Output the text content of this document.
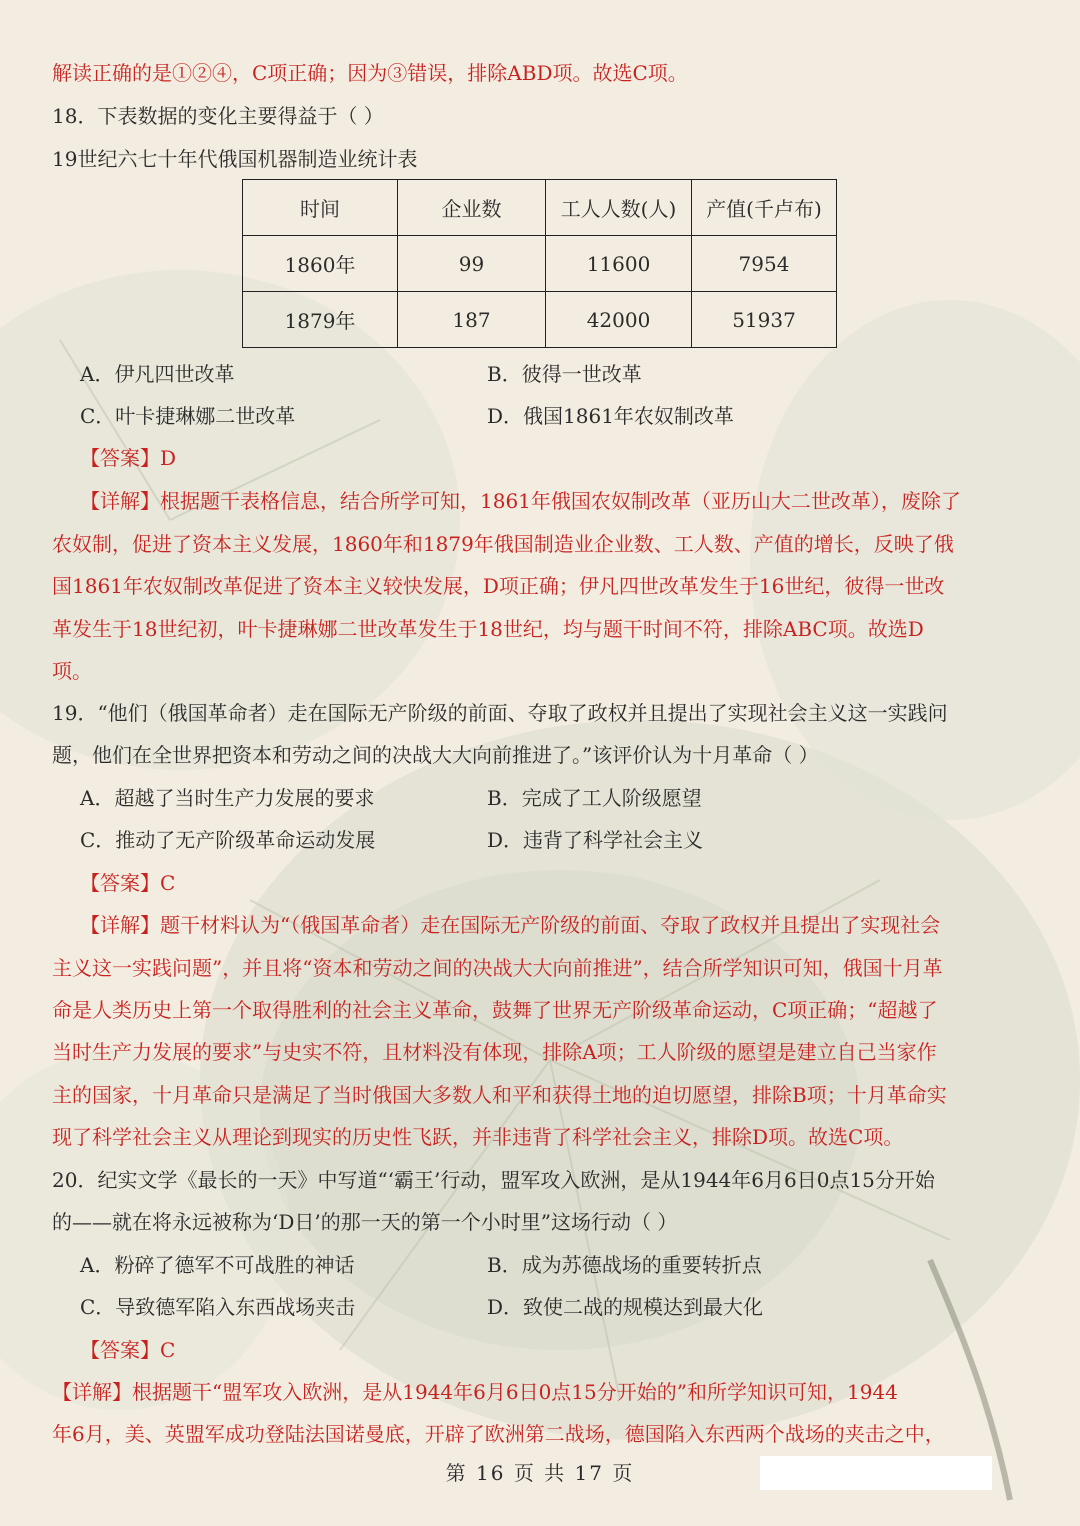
解读正确的是①②④，C项正确；因为③错误，排除ABD项。故选C项。
18．下表数据的变化主要得益于（ ）
19世纪六七十年代俄国机器制造业统计表
时间	企业数	工人人数(人)	产值(千卢布)
1860年	99	11600	7954
1879年	187	42000	51937
A．伊凡四世改革	B．彼得一世改革
C．叶卡捷琳娜二世改革	D．俄国1861年农奴制改革
【答案】D
【详解】根据题干表格信息，结合所学可知，1861年俄国农奴制改革（亚历山大二世改革），废除了
农奴制，促进了资本主义发展，1860年和1879年俄国制造业企业数、工人数、产值的增长，反映了俄
国1861年农奴制改革促进了资本主义较快发展，D项正确；伊凡四世改革发生于16世纪，彼得一世改
革发生于18世纪初，叶卡捷琳娜二世改革发生于18世纪，均与题干时间不符，排除ABC项。故选D
项。
19．“他们（俄国革命者）走在国际无产阶级的前面、夺取了政权并且提出了实现社会主义这一实践问
题，他们在全世界把资本和劳动之间的决战大大向前推进了。”该评价认为十月革命（ ）
A．超越了当时生产力发展的要求	B．完成了工人阶级愿望
C．推动了无产阶级革命运动发展	D．违背了科学社会主义
【答案】C
【详解】题干材料认为“（俄国革命者）走在国际无产阶级的前面、夺取了政权并且提出了实现社会
主义这一实践问题”，并且将“资本和劳动之间的决战大大向前推进”，结合所学知识可知，俄国十月革
命是人类历史上第一个取得胜利的社会主义革命，鼓舞了世界无产阶级革命运动，C项正确；“超越了
当时生产力发展的要求”与史实不符，且材料没有体现，排除A项；工人阶级的愿望是建立自己当家作
主的国家，十月革命只是满足了当时俄国大多数人和平和获得土地的迫切愿望，排除B项；十月革命实
现了科学社会主义从理论到现实的历史性飞跃，并非违背了科学社会主义，排除D项。故选C项。
20．纪实文学《最长的一天》中写道“‘霸王’行动，盟军攻入欧洲，是从1944年6月6日0点15分开始
的——就在将永远被称为‘D日’的那一天的第一个小时里”这场行动（ ）
A．粉碎了德军不可战胜的神话	B．成为苏德战场的重要转折点
C．导致德军陷入东西战场夹击	D．致使二战的规模达到最大化
【答案】C
【详解】根据题干“盟军攻入欧洲，是从1944年6月6日0点15分开始的”和所学知识可知，1944
年6月，美、英盟军成功登陆法国诺曼底，开辟了欧洲第二战场，德国陷入东西两个战场的夹击之中，
第 16 页 共 17 页
